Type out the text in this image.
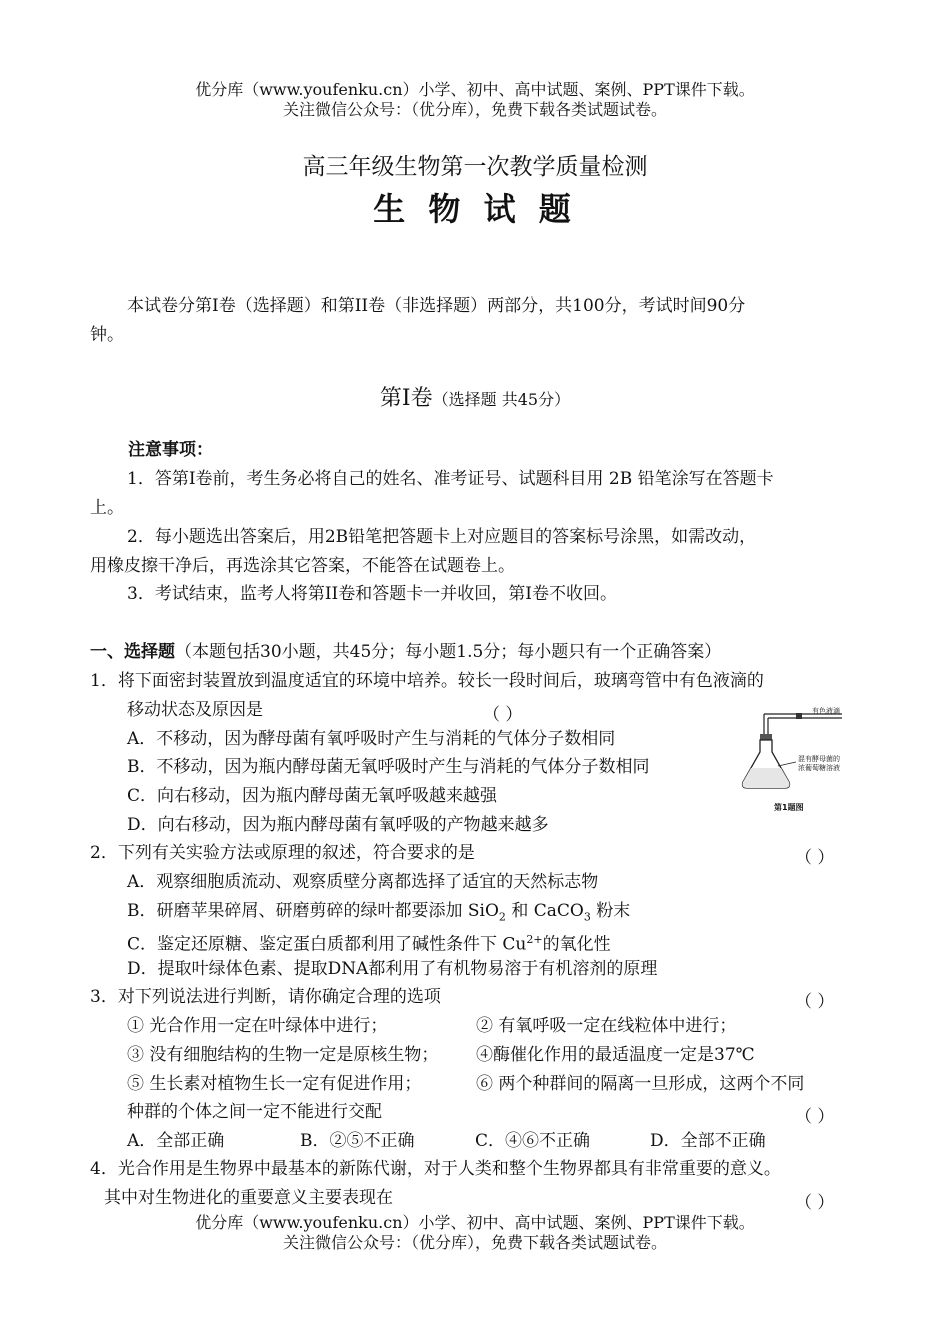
优分库（www.youfenku.cn）小学、初中、高中试题、案例、PPT课件下载。
关注微信公众号：（优分库），免费下载各类试题试卷。
高三年级生物第一次教学质量检测
生 物 试 题
本试卷分第I卷（选择题）和第II卷（非选择题）两部分，共100分，考试时间90分
钟。
第I卷（选择题 共45分）
注意事项：
1．答第I卷前，考生务必将自己的姓名、准考证号、试题科目用 2B 铅笔涂写在答题卡
上。
2．每小题选出答案后，用2B铅笔把答题卡上对应题目的答案标号涂黑，如需改动，
用橡皮擦干净后，再选涂其它答案，不能答在试题卷上。
3．考试结束，监考人将第II卷和答题卡一并收回，第I卷不收回。
一、选择题（本题包括30小题，共45分；每小题1.5分；每小题只有一个正确答案）
1．将下面密封装置放到温度适宜的环境中培养。较长一段时间后，玻璃弯管中有色液滴的
移动状态及原因是	（ ）
A．不移动，因为酵母菌有氧呼吸时产生与消耗的气体分子数相同
B．不移动，因为瓶内酵母菌无氧呼吸时产生与消耗的气体分子数相同
C．向右移动，因为瓶内酵母菌无氧呼吸越来越强
D．向右移动，因为瓶内酵母菌有氧呼吸的产物越来越多
有色液滴
混有酵母菌的
浓葡萄糖溶液
第1题图
2．下列有关实验方法或原理的叙述，符合要求的是	（ ）
A．观察细胞质流动、观察质壁分离都选择了适宜的天然标志物
B．研磨苹果碎屑、研磨剪碎的绿叶都要添加 SiO$_2$ 和 CaCO$_3$ 粉末
C．鉴定还原糖、鉴定蛋白质都利用了碱性条件下 $Cu^{2+}$的氧化性
D．提取叶绿体色素、提取DNA都利用了有机物易溶于有机溶剂的原理
3．对下列说法进行判断，请你确定合理的选项	（ ）
① 光合作用一定在叶绿体中进行；	② 有氧呼吸一定在线粒体中进行；
③ 没有细胞结构的生物一定是原核生物； ④酶催化作用的最适温度一定是37℃
⑤ 生长素对植物生长一定有促进作用；	⑥ 两个种群间的隔离一旦形成，这两个不同
种群的个体之间一定不能进行交配	（ ）
A．全部正确	B．②⑤不正确	C．④⑥不正确	D．全部不正确
4．光合作用是生物界中最基本的新陈代谢，对于人类和整个生物界都具有非常重要的意义。
其中对生物进化的重要意义主要表现在	（ ）
优分库（www.youfenku.cn）小学、初中、高中试题、案例、PPT课件下载。
关注微信公众号：（优分库），免费下载各类试题试卷。
